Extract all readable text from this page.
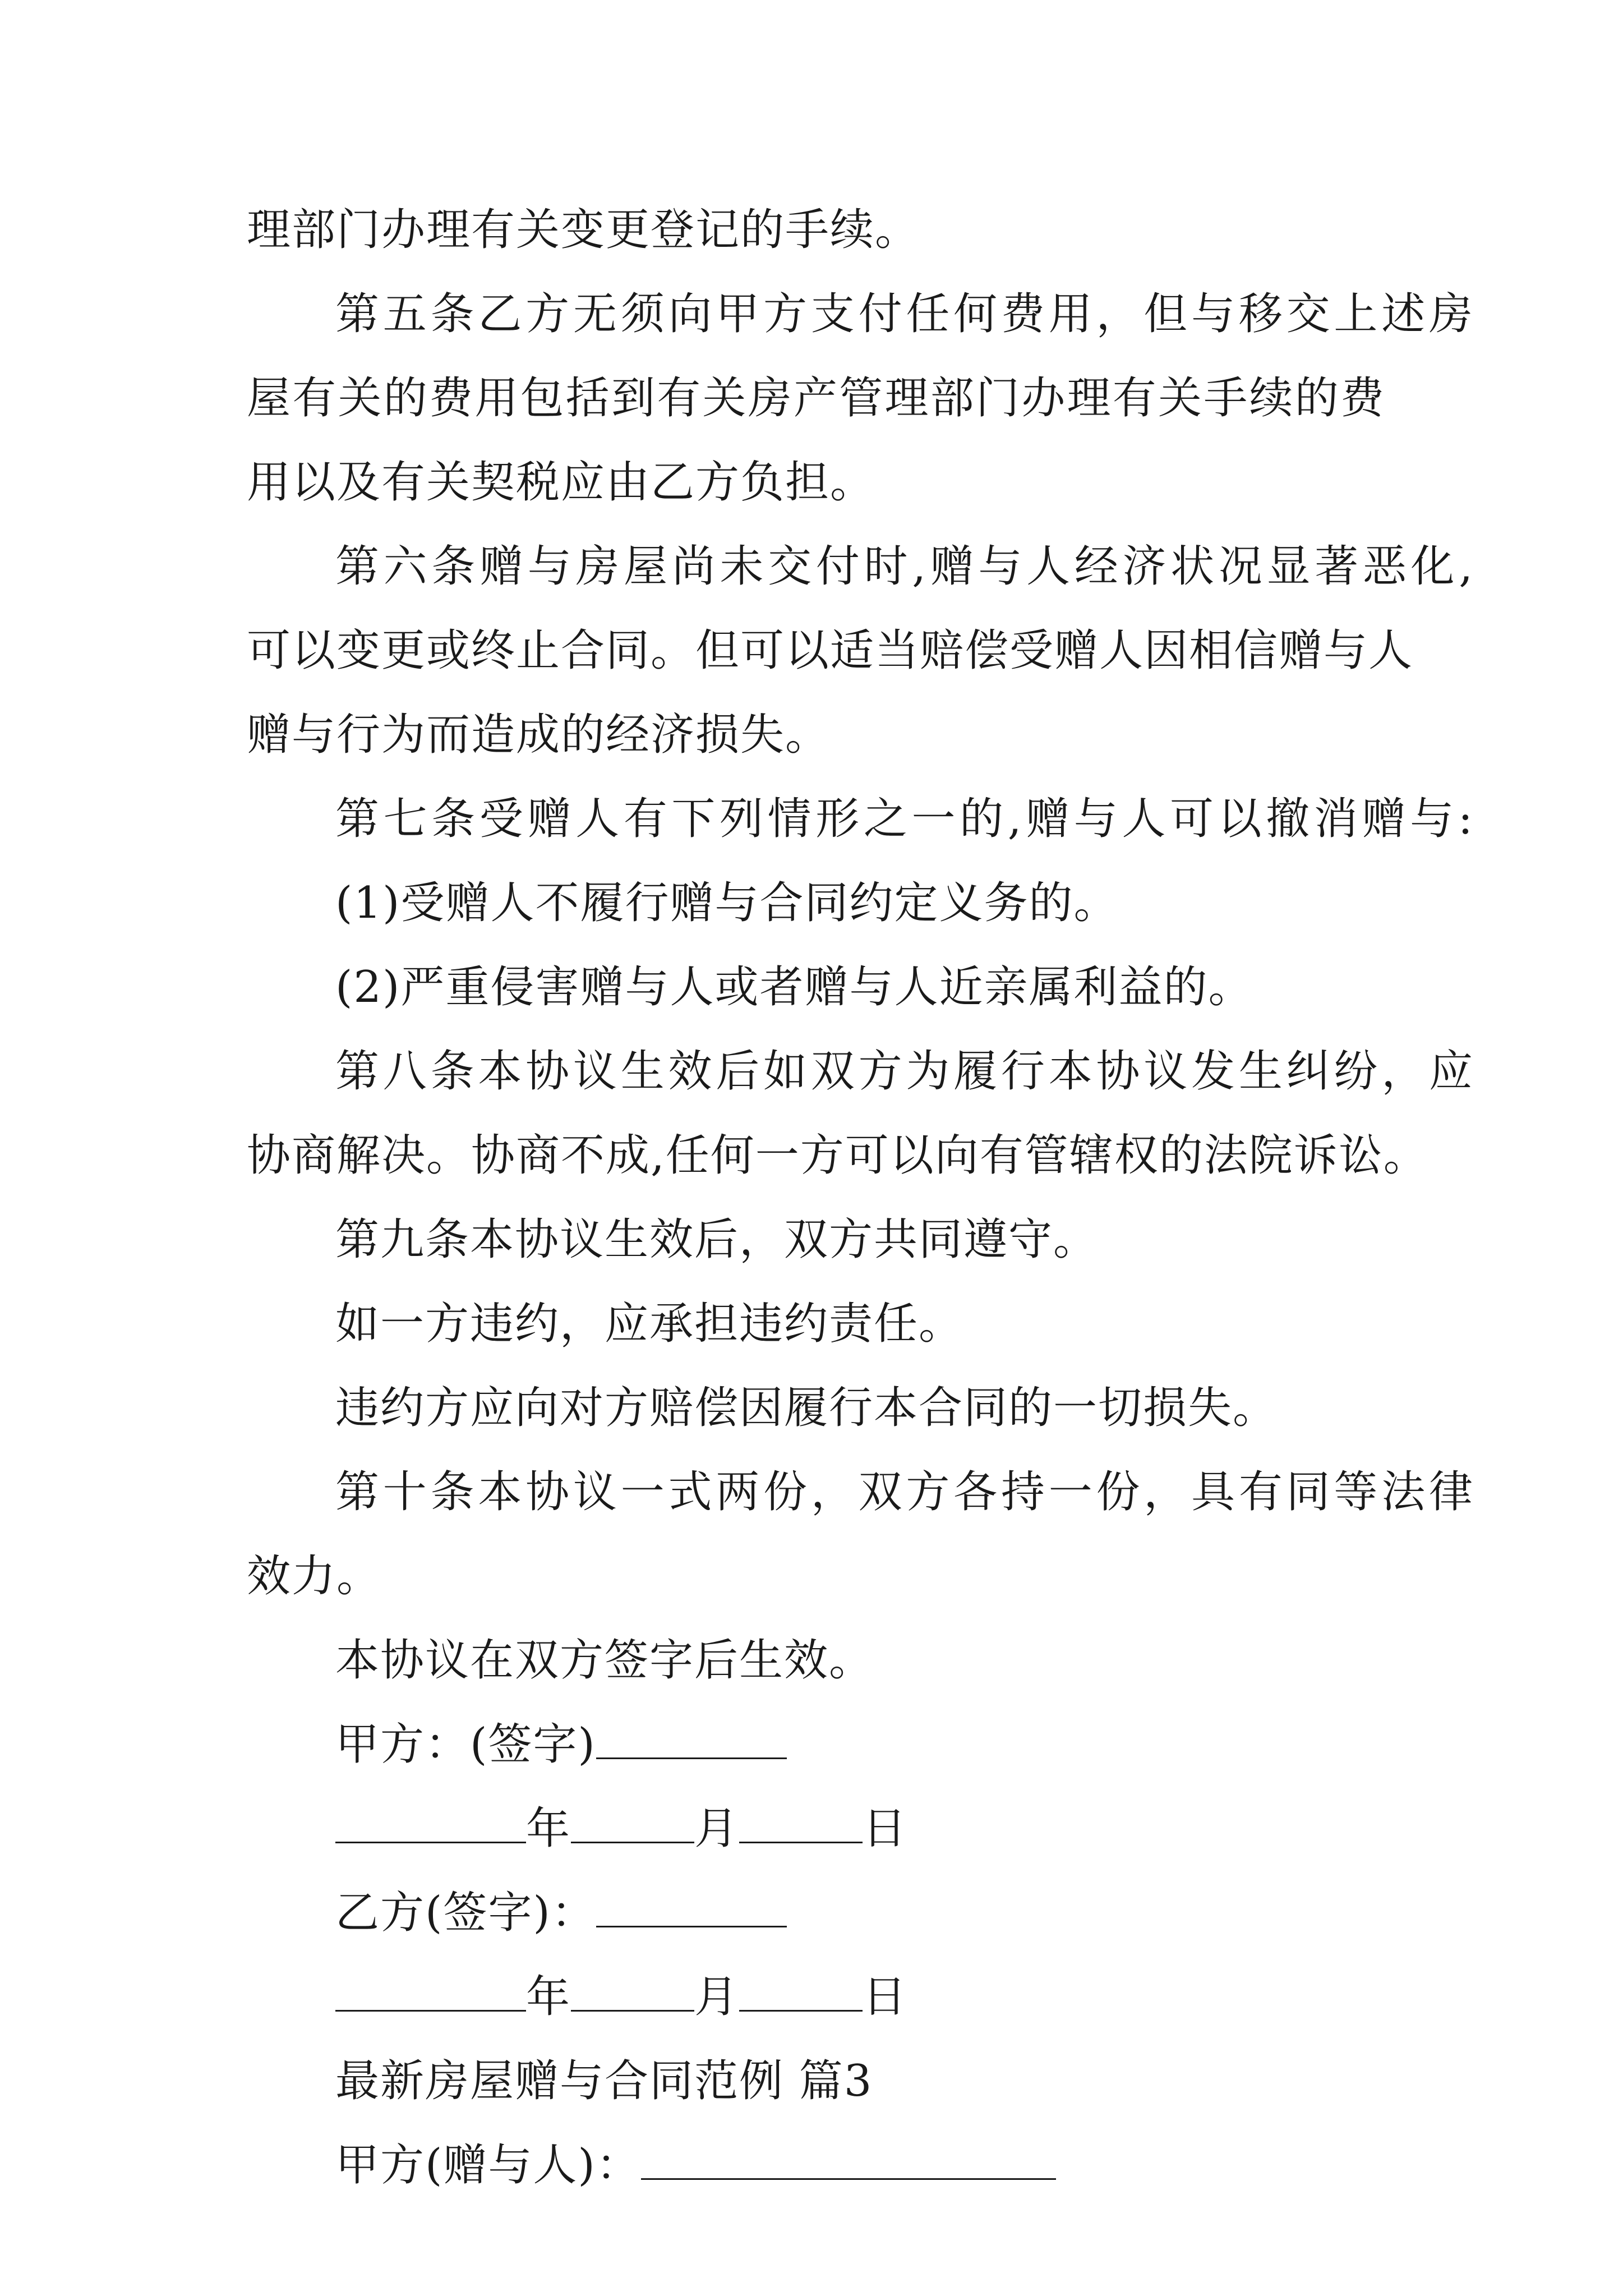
理部门办理有关变更登记的手续。
第五条乙方无须向甲方支付任何费用，但与移交上述房
屋有关的费用包括到有关房产管理部门办理有关手续的费
用以及有关契税应由乙方负担。
第六条赠与房屋尚未交付时,赠与人经济状况显著恶化,
可以变更或终止合同。但可以适当赔偿受赠人因相信赠与人
赠与行为而造成的经济损失。
第七条受赠人有下列情形之一的,赠与人可以撤消赠与:
(1)受赠人不履行赠与合同约定义务的。
(2)严重侵害赠与人或者赠与人近亲属利益的。
第八条本协议生效后如双方为履行本协议发生纠纷，应
协商解决。协商不成,任何一方可以向有管辖权的法院诉讼。
第九条本协议生效后，双方共同遵守。
如一方违约，应承担违约责任。
违约方应向对方赔偿因履行本合同的一切损失。
第十条本协议一式两份，双方各持一份，具有同等法律
效力。
本协议在双方签字后生效。
甲方：(签字)
年	月	日
乙方(签字)：
年	月	日
最新房屋赠与合同范例 篇3
甲方(赠与人)：
